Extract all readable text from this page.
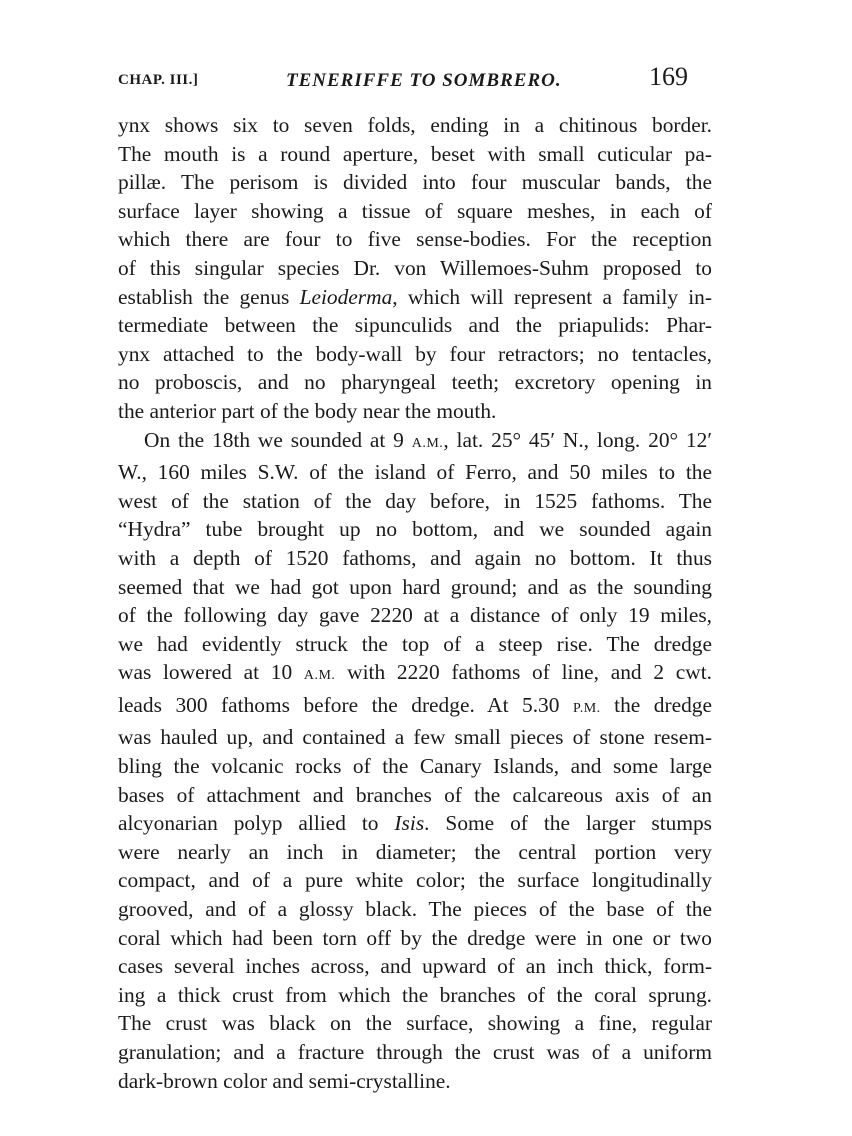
CHAP. III.]	TENERIFFE TO SOMBRERO.	169
ynx shows six to seven folds, ending in a chitinous border.
The mouth is a round aperture, beset with small cuticular pa-
pillæ. The perisom is divided into four muscular bands, the
surface layer showing a tissue of square meshes, in each of
which there are four to five sense-bodies. For the reception
of this singular species Dr. von Willemoes-Suhm proposed to
establish the genus Leioderma, which will represent a family in-
termediate between the sipunculids and the priapulids: Phar-
ynx attached to the body-wall by four retractors; no tentacles,
no proboscis, and no pharyngeal teeth; excretory opening in
the anterior part of the body near the mouth.
On the 18th we sounded at 9 A.M., lat. 25° 45′ N., long. 20° 12′
W., 160 miles S.W. of the island of Ferro, and 50 miles to the
west of the station of the day before, in 1525 fathoms. The
“Hydra” tube brought up no bottom, and we sounded again
with a depth of 1520 fathoms, and again no bottom. It thus
seemed that we had got upon hard ground; and as the sounding
of the following day gave 2220 at a distance of only 19 miles,
we had evidently struck the top of a steep rise. The dredge
was lowered at 10 A.M. with 2220 fathoms of line, and 2 cwt.
leads 300 fathoms before the dredge. At 5.30 P.M. the dredge
was hauled up, and contained a few small pieces of stone resem-
bling the volcanic rocks of the Canary Islands, and some large
bases of attachment and branches of the calcareous axis of an
alcyonarian polyp allied to Isis. Some of the larger stumps
were nearly an inch in diameter; the central portion very
compact, and of a pure white color; the surface longitudinally
grooved, and of a glossy black. The pieces of the base of the
coral which had been torn off by the dredge were in one or two
cases several inches across, and upward of an inch thick, form-
ing a thick crust from which the branches of the coral sprung.
The crust was black on the surface, showing a fine, regular
granulation; and a fracture through the crust was of a uniform
dark-brown color and semi-crystalline.
